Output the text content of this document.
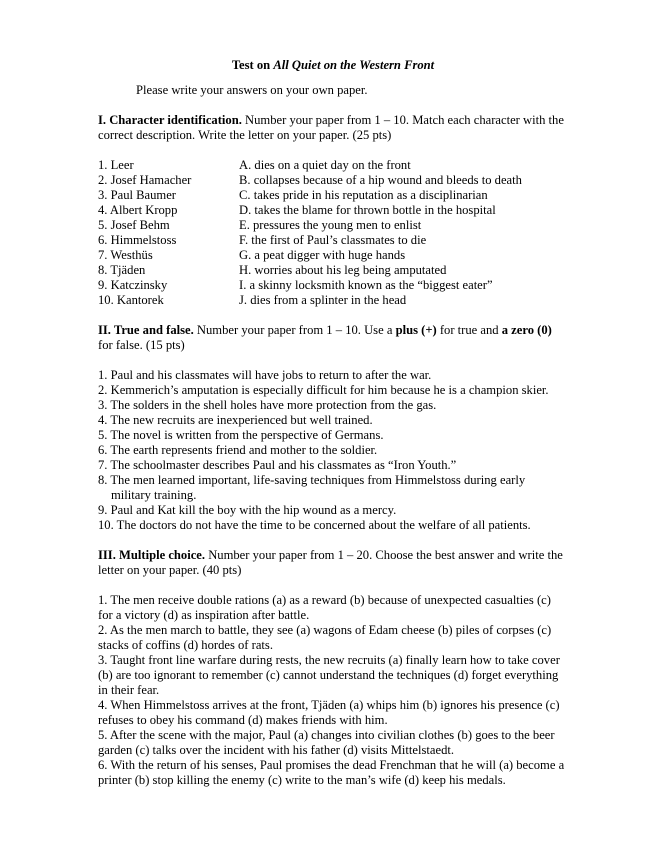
Test on All Quiet on the Western Front

Please write your answers on your own paper.

I. Character identification. Number your paper from 1 – 10. Match each character with the correct description. Write the letter on your paper. (25 pts)
1. Leer	A. dies on a quiet day on the front
2. Josef Hamacher	B. collapses because of a hip wound and bleeds to death
3. Paul Baumer	C. takes pride in his reputation as a disciplinarian
4. Albert Kropp	D. takes the blame for thrown bottle in the hospital
5. Josef Behm	E. pressures the young men to enlist
6. Himmelstoss	F. the first of Paul’s classmates to die
7. Westhüs	G. a peat digger with huge hands
8. Tjäden	H. worries about his leg being amputated
9. Katczinsky	I. a skinny locksmith known as the “biggest eater”
10. Kantorek	J. dies from a splinter in the head
II. True and false. Number your paper from 1 – 10. Use a plus (+) for true and a zero (0) for false. (15 pts)
1. Paul and his classmates will have jobs to return to after the war.
2. Kemmerich’s amputation is especially difficult for him because he is a champion skier.
3. The solders in the shell holes have more protection from the gas.
4. The new recruits are inexperienced but well trained.
5. The novel is written from the perspective of Germans.
6. The earth represents friend and mother to the soldier.
7. The schoolmaster describes Paul and his classmates as “Iron Youth.”
8. The men learned important, life-saving techniques from Himmelstoss during early military training.
9. Paul and Kat kill the boy with the hip wound as a mercy.
10. The doctors do not have the time to be concerned about the welfare of all patients.
III. Multiple choice. Number your paper from 1 – 20. Choose the best answer and write the letter on your paper. (40 pts)
1. The men receive double rations (a) as a reward (b) because of unexpected casualties (c) for a victory (d) as inspiration after battle.
2. As the men march to battle, they see (a) wagons of Edam cheese (b) piles of corpses (c) stacks of coffins (d) hordes of rats.
3. Taught front line warfare during rests, the new recruits (a) finally learn how to take cover (b) are too ignorant to remember (c) cannot understand the techniques (d) forget everything in their fear.
4. When Himmelstoss arrives at the front, Tjäden (a) whips him (b) ignores his presence (c) refuses to obey his command (d) makes friends with him.
5. After the scene with the major, Paul (a) changes into civilian clothes (b) goes to the beer garden (c) talks over the incident with his father (d) visits Mittelstaedt.
6. With the return of his senses, Paul promises the dead Frenchman that he will (a) become a printer (b) stop killing the enemy (c) write to the man’s wife (d) keep his medals.
